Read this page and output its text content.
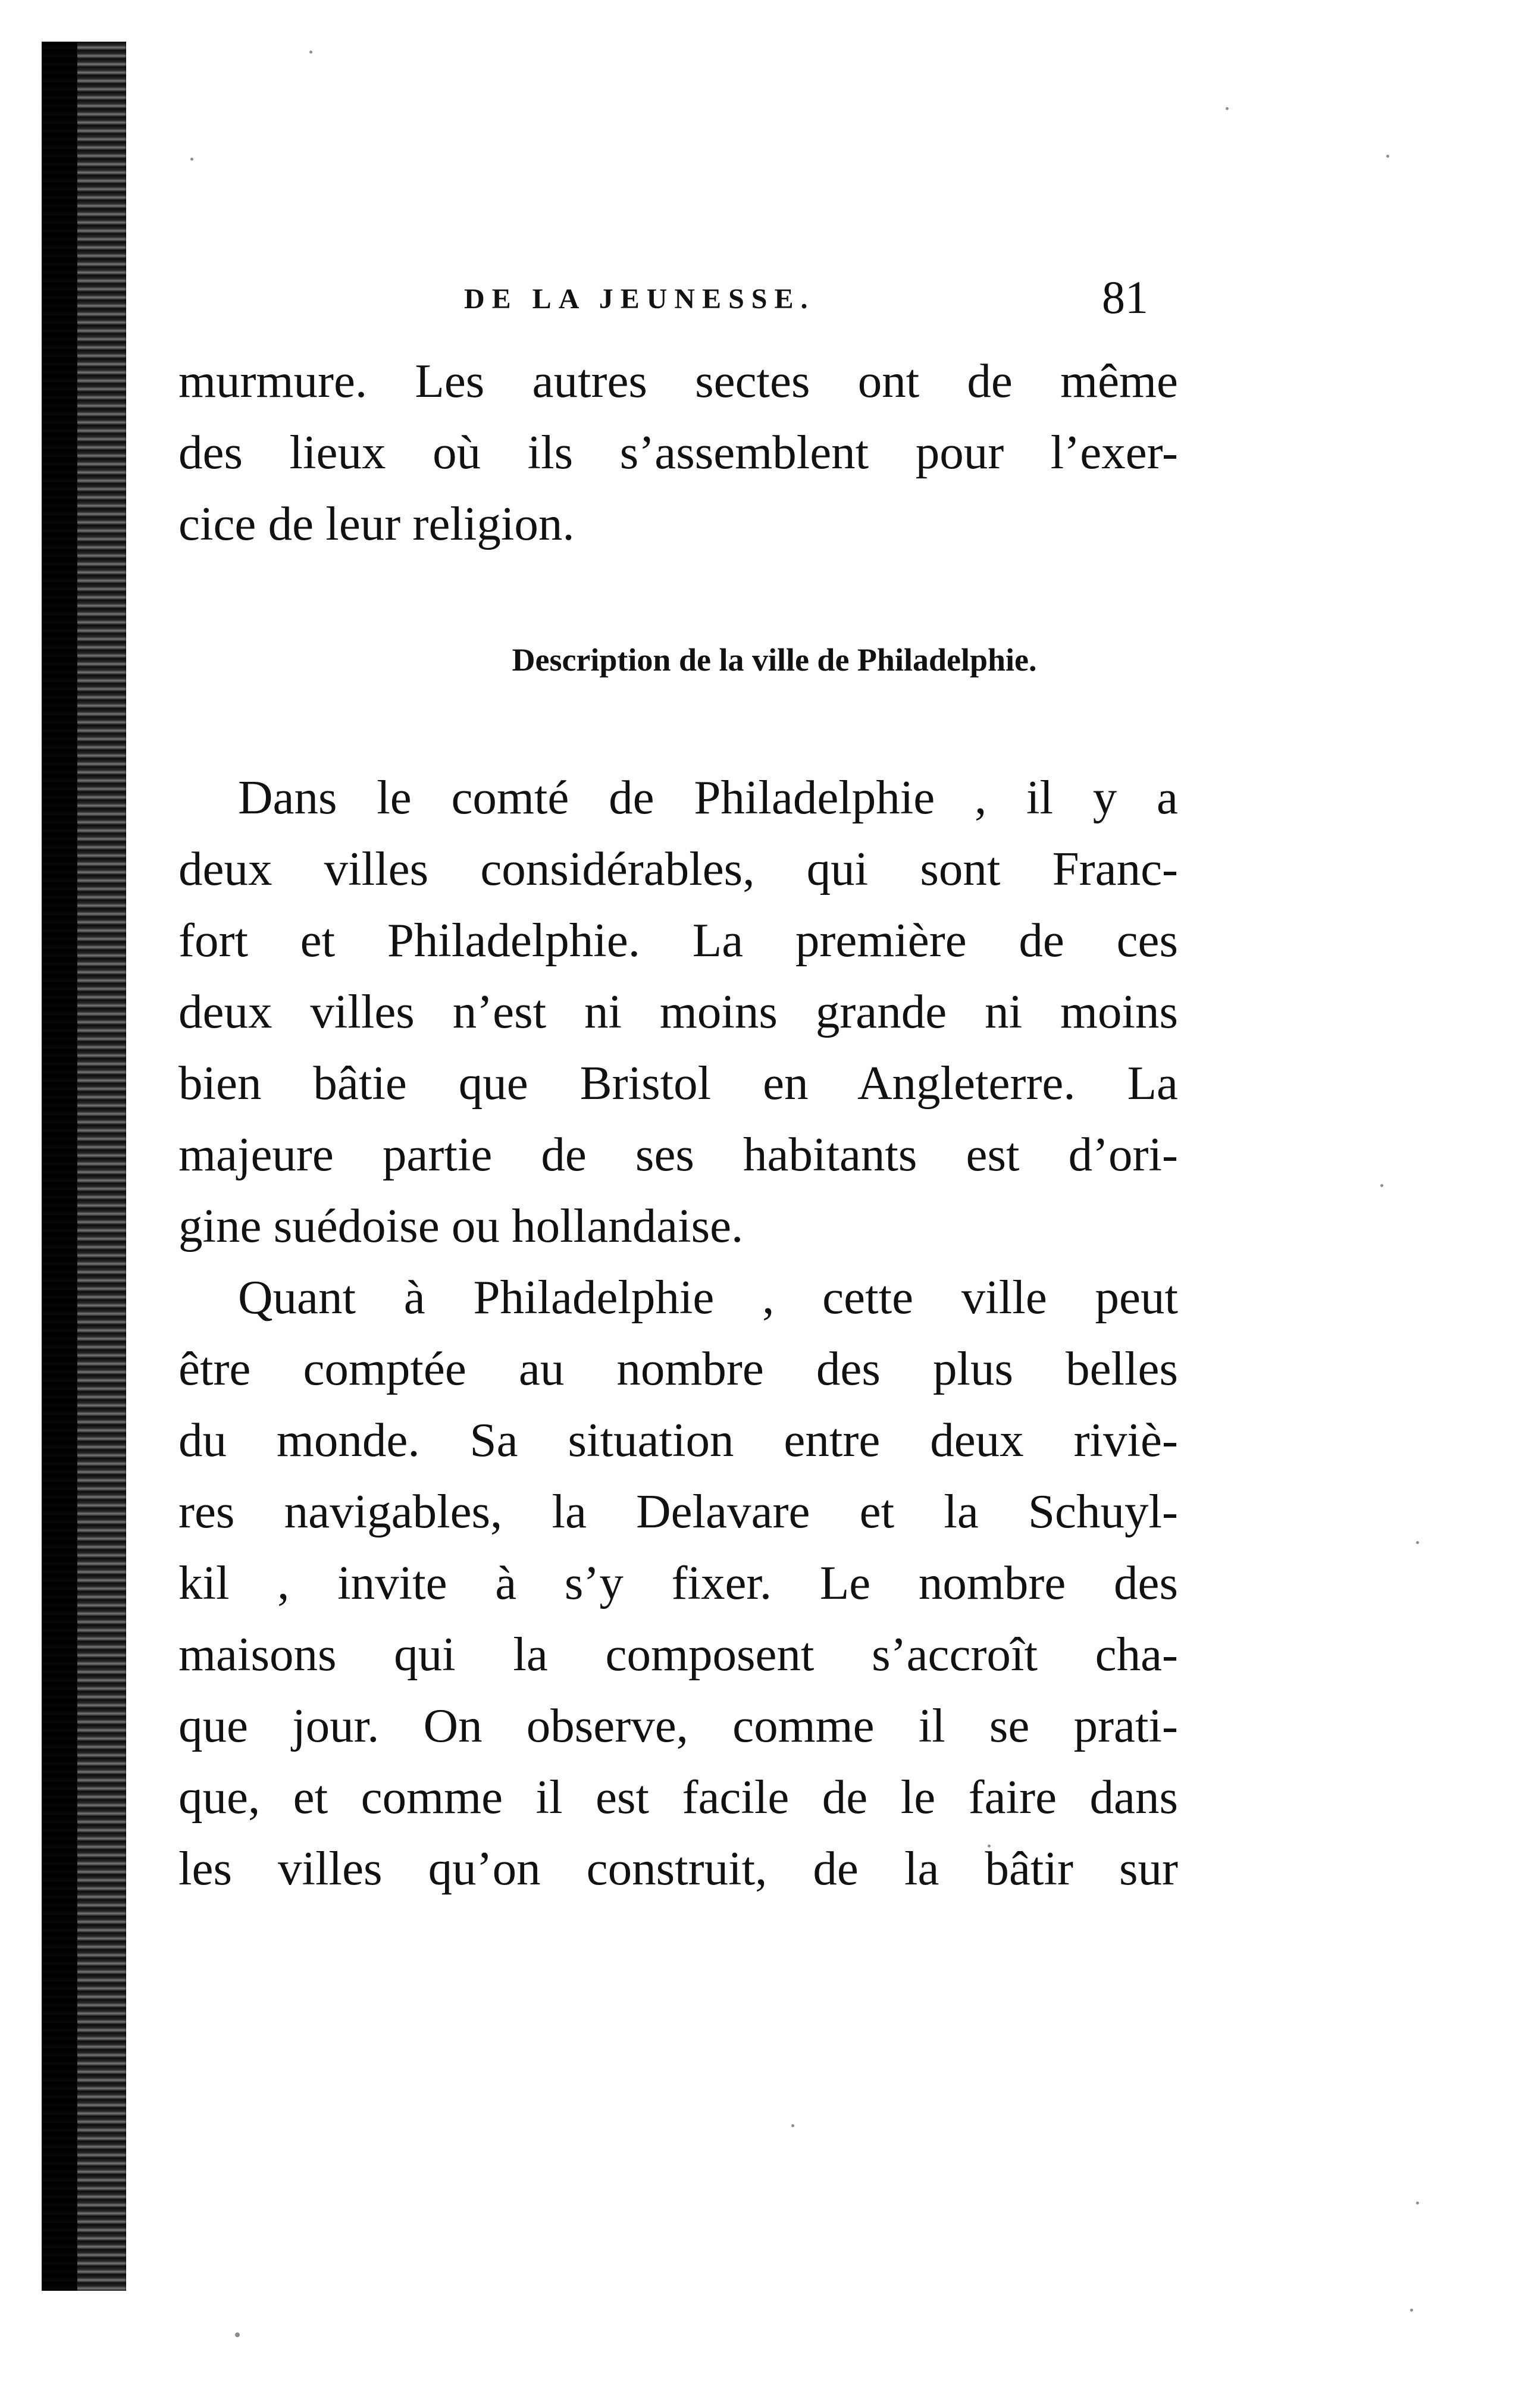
DE LA JEUNESSE.	81
murmure. Les autres sectes ont de même
des lieux où ils s’assemblent pour l’exer-
cice de leur religion.
Description de la ville de Philadelphie.
Dans le comté de Philadelphie , il y a
deux villes considérables, qui sont Franc-
fort et Philadelphie. La première de ces
deux villes n’est ni moins grande ni moins
bien bâtie que Bristol en Angleterre. La
majeure partie de ses habitants est d’ori-
gine suédoise ou hollandaise.
Quant à Philadelphie , cette ville peut
être comptée au nombre des plus belles
du monde. Sa situation entre deux riviè-
res navigables, la Delavare et la Schuyl-
kil , invite à s’y fixer. Le nombre des
maisons qui la composent s’accroît cha-
que jour. On observe, comme il se prati-
que, et comme il est facile de le faire dans
les villes qu’on construit, de la bâtir sur
